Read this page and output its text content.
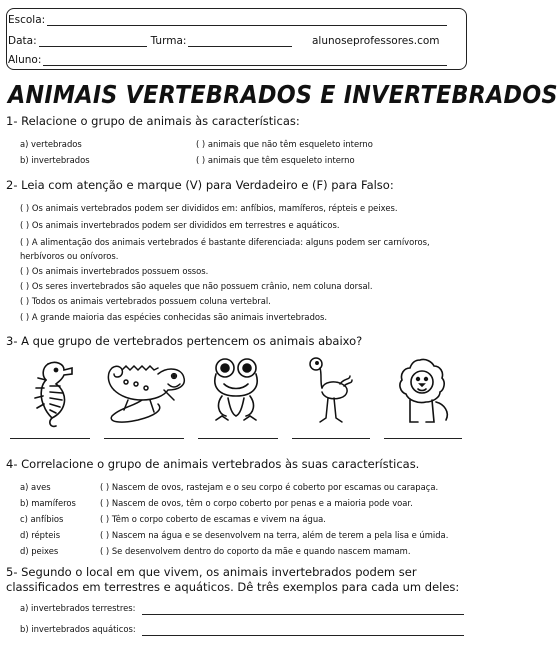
Escola:
Data:	Turma:	alunoseprofessores.com
Aluno:
ANIMAIS VERTEBRADOS E INVERTEBRADOS
1- Relacione o grupo de animais às características:
a) vertebrados
b) invertebrados
( ) animais que não têm esqueleto interno
( ) animais que têm esqueleto interno
2- Leia com atenção e marque (V) para Verdadeiro e (F) para Falso:
( ) Os animais vertebrados podem ser divididos em: anfíbios, mamíferos, répteis e peixes.
( ) Os animais invertebrados podem ser divididos em terrestres e aquáticos.
( ) A alimentação dos animais vertebrados é bastante diferenciada: alguns podem ser carnívoros,
herbívoros ou onívoros.
( ) Os animais invertebrados possuem ossos.
( ) Os seres invertebrados são aqueles que não possuem crânio, nem coluna dorsal.
( ) Todos os animais vertebrados possuem coluna vertebral.
( ) A grande maioria das espécies conhecidas são animais invertebrados.
3- A que grupo de vertebrados pertencem os animais abaixo?
4- Correlacione o grupo de animais vertebrados às suas características.
a) aves
b) mamíferos
c) anfíbios
d) répteis
d) peixes
( ) Nascem de ovos, rastejam e o seu corpo é coberto por escamas ou carapaça.
( ) Nascem de ovos, têm o corpo coberto por penas e a maioria pode voar.
( ) Têm o corpo coberto de escamas e vivem na água.
( ) Nascem na água e se desenvolvem na terra, além de terem a pela lisa e úmida.
( ) Se desenvolvem dentro do coporto da mãe e quando nascem mamam.
5- Segundo o local em que vivem, os animais invertebrados podem ser
classificados em terrestres e aquáticos. Dê três exemplos para cada um deles:
a) invertebrados terrestres:
b) invertebrados aquáticos:
